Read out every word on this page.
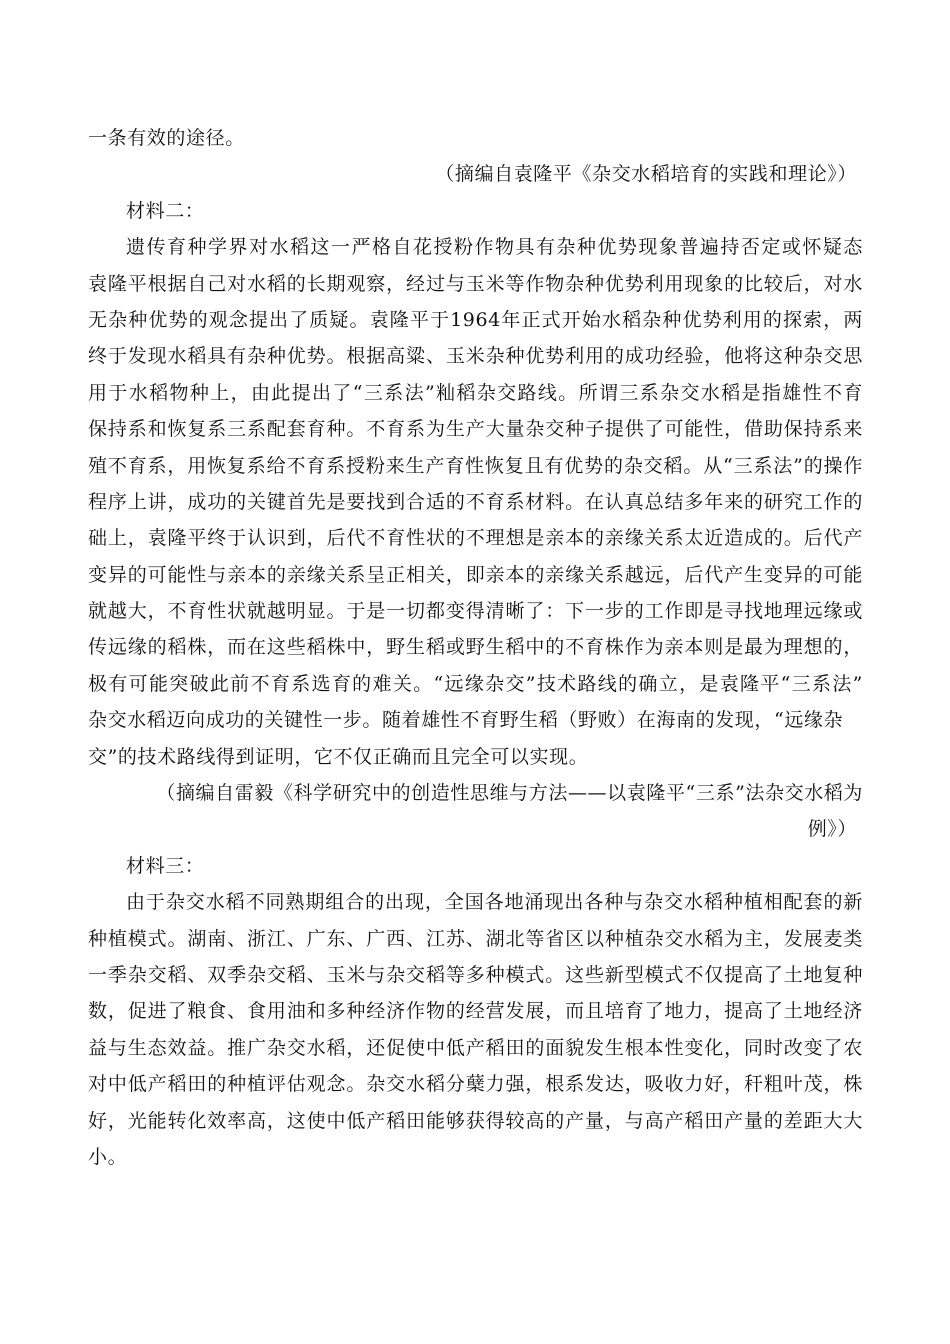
一条有效的途径。
（摘编自袁隆平《杂交水稻培育的实践和理论》）
材料二：
遗传育种学界对水稻这一严格自花授粉作物具有杂种优势现象普遍持否定或怀疑态
袁隆平根据自己对水稻的长期观察，经过与玉米等作物杂种优势利用现象的比较后，对水
无杂种优势的观念提出了质疑。袁隆平于1964年正式开始水稻杂种优势利用的探索，两
终于发现水稻具有杂种优势。根据高粱、玉米杂种优势利用的成功经验，他将这种杂交思
用于水稻物种上，由此提出了“三系法”籼稻杂交路线。所谓三系杂交水稻是指雄性不育
保持系和恢复系三系配套育种。不育系为生产大量杂交种子提供了可能性，借助保持系来
殖不育系，用恢复系给不育系授粉来生产育性恢复且有优势的杂交稻。从“三系法”的操作
程序上讲，成功的关键首先是要找到合适的不育系材料。在认真总结多年来的研究工作的
础上，袁隆平终于认识到，后代不育性状的不理想是亲本的亲缘关系太近造成的。后代产
变异的可能性与亲本的亲缘关系呈正相关，即亲本的亲缘关系越远，后代产生变异的可能
就越大，不育性状就越明显。于是一切都变得清晰了：下一步的工作即是寻找地理远缘或
传远缘的稻株，而在这些稻株中，野生稻或野生稻中的不育株作为亲本则是最为理想的，
极有可能突破此前不育系选育的难关。“远缘杂交”技术路线的确立，是袁隆平“三系法”
杂交水稻迈向成功的关键性一步。随着雄性不育野生稻（野败）在海南的发现，“远缘杂
交”的技术路线得到证明，它不仅正确而且完全可以实现。
（摘编自雷毅《科学研究中的创造性思维与方法——以袁隆平“三系”法杂交水稻为
例》）
材料三：
由于杂交水稻不同熟期组合的出现，全国各地涌现出各种与杂交水稻种植相配套的新
种植模式。湖南、浙江、广东、广西、江苏、湖北等省区以种植杂交水稻为主，发展麦类
一季杂交稻、双季杂交稻、玉米与杂交稻等多种模式。这些新型模式不仅提高了土地复种
数，促进了粮食、食用油和多种经济作物的经营发展，而且培育了地力，提高了土地经济
益与生态效益。推广杂交水稻，还促使中低产稻田的面貌发生根本性变化，同时改变了农
对中低产稻田的种植评估观念。杂交水稻分蘖力强，根系发达，吸收力好，秆粗叶茂，株
好，光能转化效率高，这使中低产稻田能够获得较高的产量，与高产稻田产量的差距大大
小。
